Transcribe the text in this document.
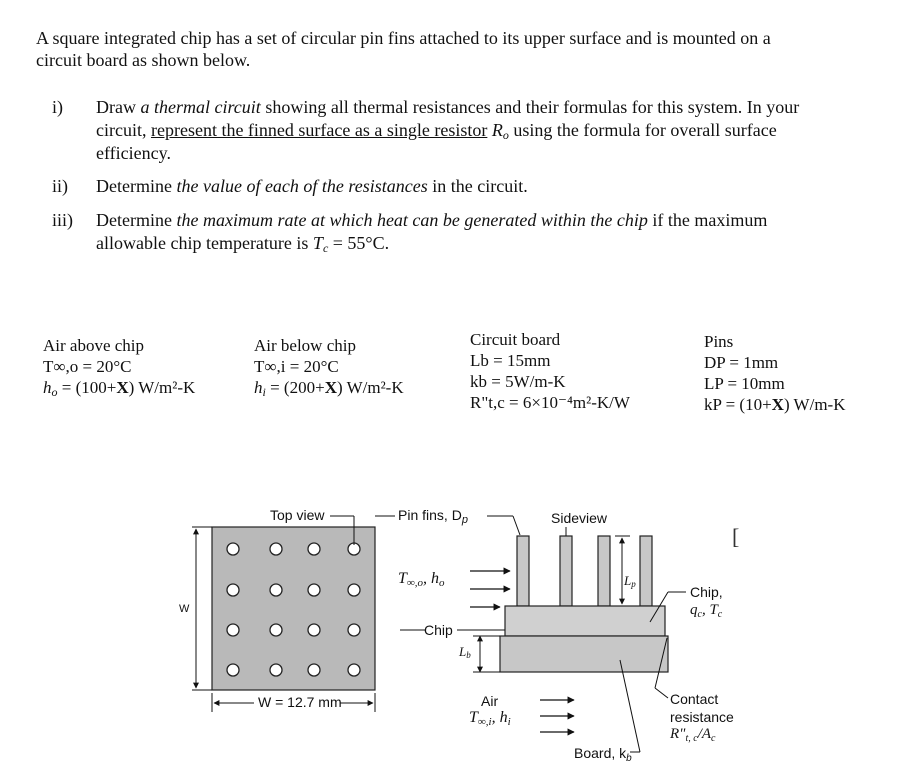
A square integrated chip has a set of circular pin fins attached to its upper surface and is mounted on a
circuit board as shown below.
i) Draw a thermal circuit showing all thermal resistances and their formulas for this system. In your
circuit, represent the finned surface as a single resistor Ro using the formula for overall surface
efficiency.
ii) Determine the value of each of the resistances in the circuit.
iii) Determine the maximum rate at which heat can be generated within the chip if the maximum
allowable chip temperature is Tc = 55°C.
Air above chip
T∞,o = 20°C
ho = (100+X) W/m²-K
Air below chip
T∞,i = 20°C
hi = (200+X) W/m²-K
Circuit board
Lb = 15mm
kb = 5W/m-K
R"t,c = 6×10⁻⁴m²-K/W
Pins
DP = 1mm
LP = 10mm
kP = (10+X) W/m-K
Top view
W
W = 12.7 mm
Pin fins, $D_p$	Sideview
T∞,o, ho
Chip
Lb
Lp
Air
T∞,i, hi
[
Chip,
$q_c$, $T_c$
Contact
resistance
$R"_{t, c}/A_c$
Board, $k_b$
